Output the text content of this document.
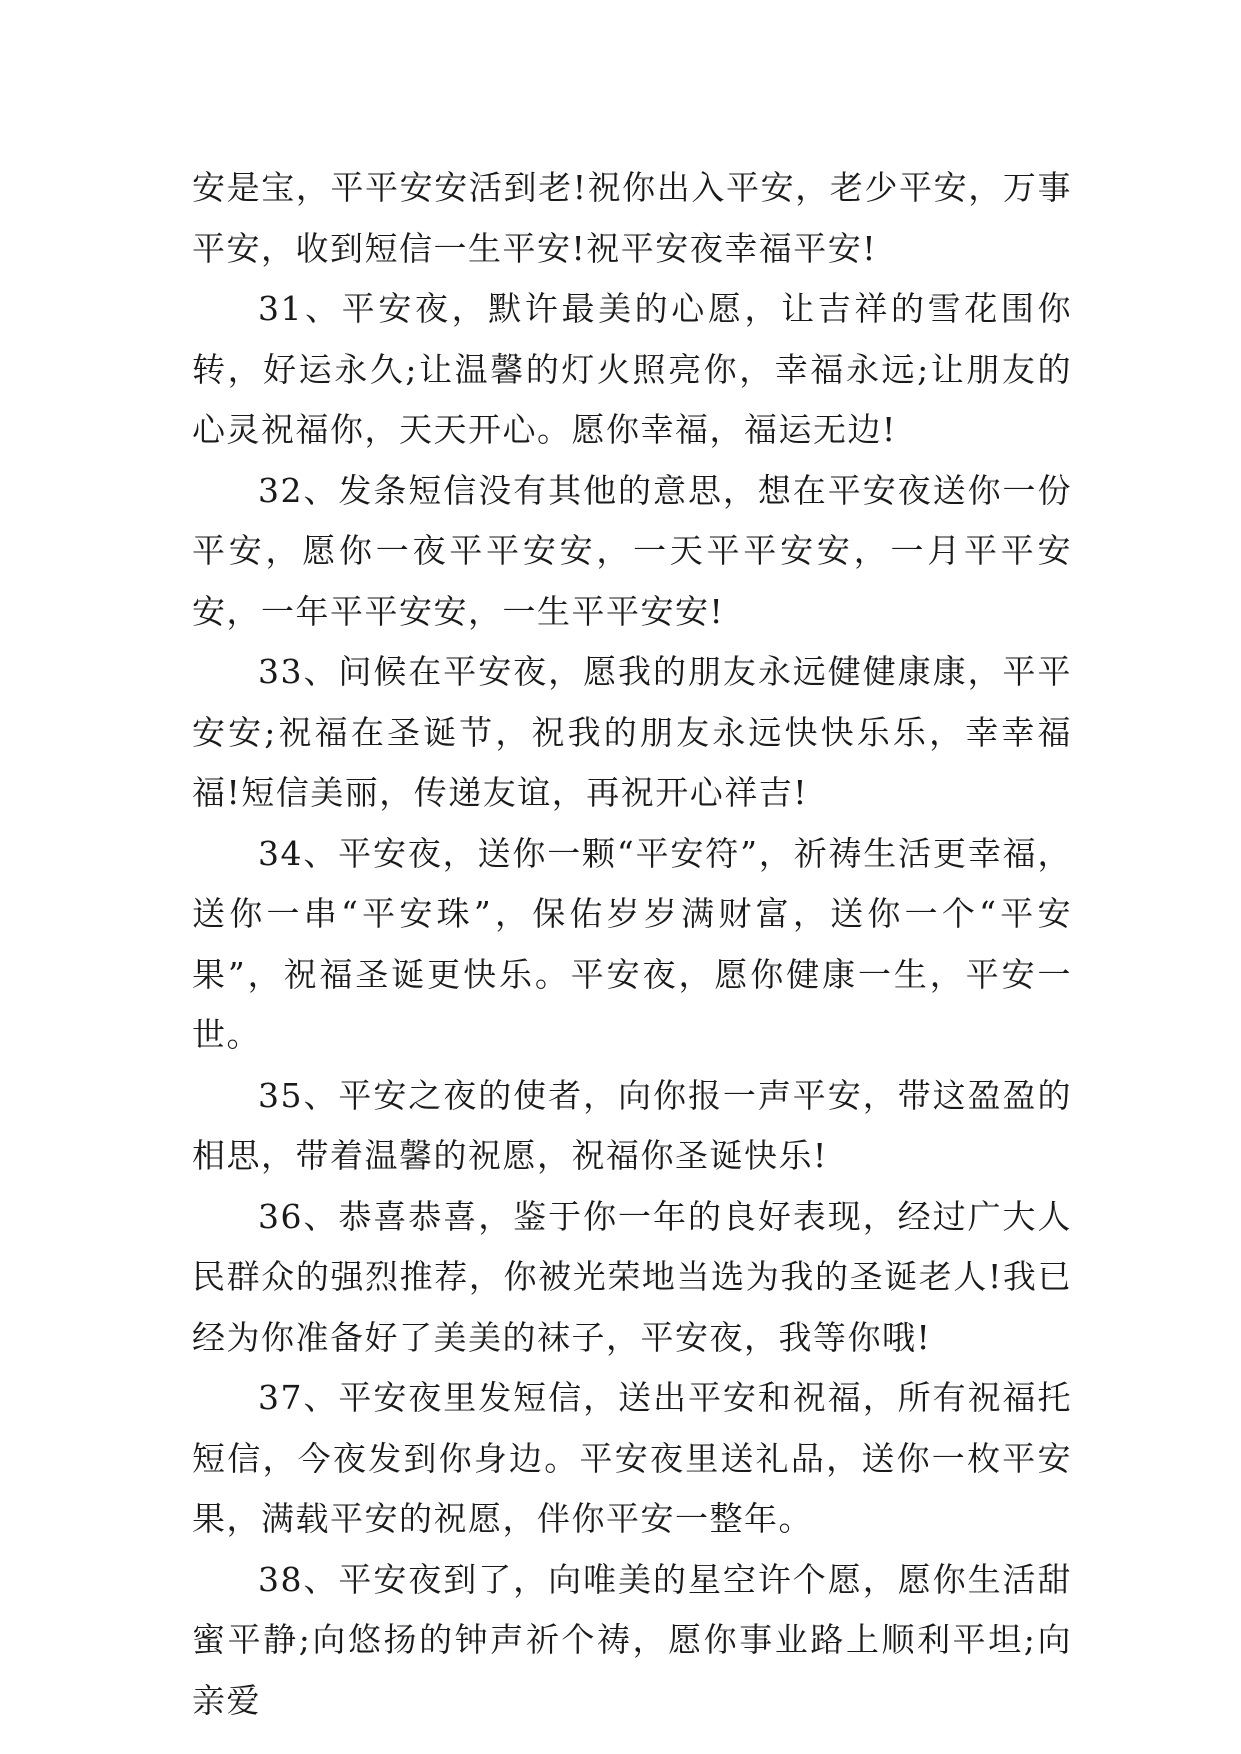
安是宝，平平安安活到老!祝你出入平安，老少平安，万事平安，收到短信一生平安!祝平安夜幸福平安!

31、平安夜，默许最美的心愿，让吉祥的雪花围你转，好运永久;让温馨的灯火照亮你，幸福永远;让朋友的心灵祝福你，天天开心。愿你幸福，福运无边!

32、发条短信没有其他的意思，想在平安夜送你一份平安，愿你一夜平平安安，一天平平安安，一月平平安安，一年平平安安，一生平平安安!

33、问候在平安夜，愿我的朋友永远健健康康，平平安安;祝福在圣诞节，祝我的朋友永远快快乐乐，幸幸福福!短信美丽，传递友谊，再祝开心祥吉!

34、平安夜，送你一颗“平安符”，祈祷生活更幸福，送你一串“平安珠”，保佑岁岁满财富，送你一个“平安果”，祝福圣诞更快乐。平安夜，愿你健康一生，平安一世。

35、平安之夜的使者，向你报一声平安，带这盈盈的相思，带着温馨的祝愿，祝福你圣诞快乐!

36、恭喜恭喜，鉴于你一年的良好表现，经过广大人民群众的强烈推荐，你被光荣地当选为我的圣诞老人!我已经为你准备好了美美的袜子，平安夜，我等你哦!

37、平安夜里发短信，送出平安和祝福，所有祝福托短信，今夜发到你身边。平安夜里送礼品，送你一枚平安果，满载平安的祝愿，伴你平安一整年。

38、平安夜到了，向唯美的星空许个愿，愿你生活甜蜜平静;向悠扬的钟声祈个祷，愿你事业路上顺利平坦;向亲爱
